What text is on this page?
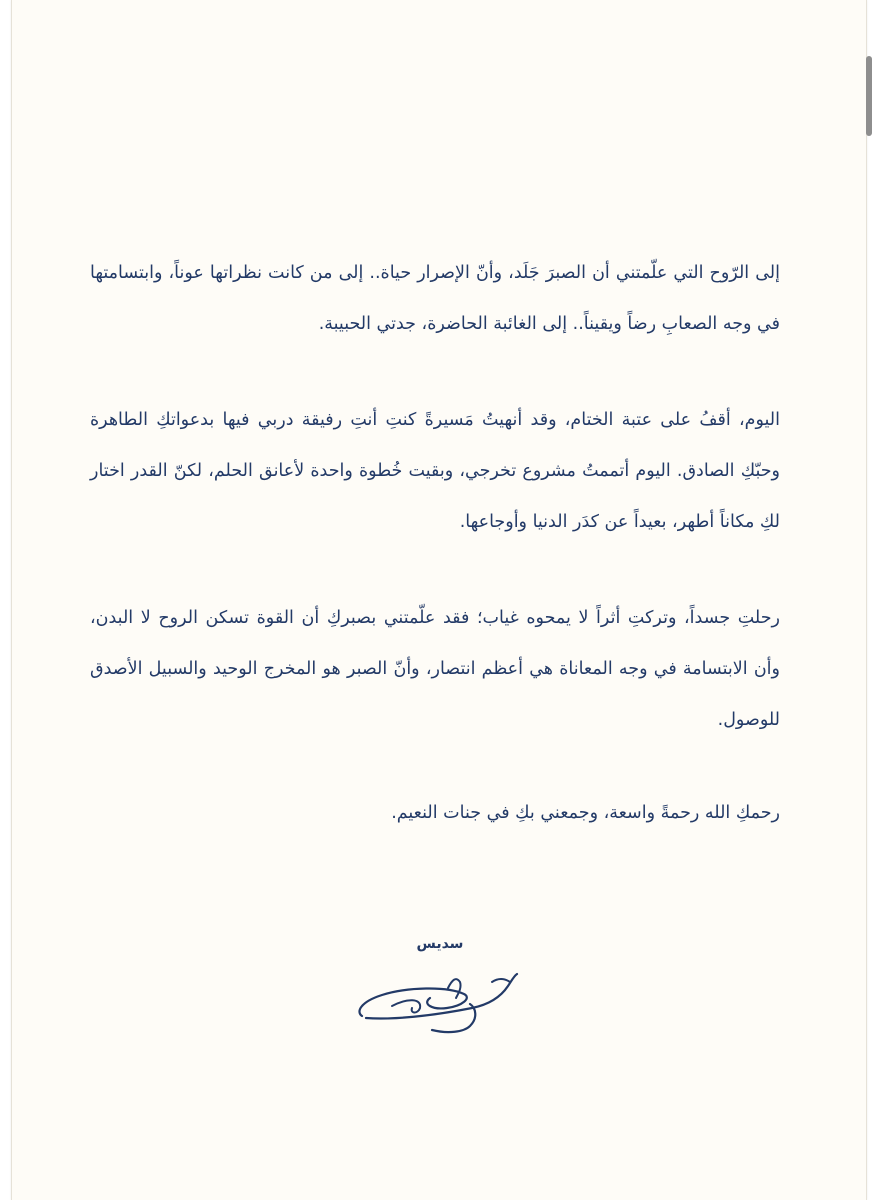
إلى الرّوح التي علّمتني أن الصبرَ جَلَد، وأنّ الإصرار حياة.. إلى من كانت نظراتها عوناً، وابتسامتها في وجه الصعابِ رضاً ويقيناً.. إلى الغائبة الحاضرة، جدتي الحبيبة.

اليوم، أقفُ على عتبة الختام، وقد أنهيتُ مَسيرةً كنتِ أنتِ رفيقة دربي فيها بدعواتكِ الطاهرة وحبّكِ الصادق. اليوم أتممتُ مشروع تخرجي، وبقيت خُطوة واحدة لأعانق الحلم، لكنّ القدر اختار لكِ مكاناً أطهر، بعيداً عن كدَر الدنيا وأوجاعها.

رحلتِ جسداً، وتركتِ أثراً لا يمحوه غياب؛ فقد علّمتني بصبركِ أن القوة تسكن الروح لا البدن، وأن الابتسامة في وجه المعاناة هي أعظم انتصار، وأنّ الصبر هو المخرج الوحيد والسبيل الأصدق للوصول.

رحمكِ الله رحمةً واسعة، وجمعني بكِ في جنات النعيم.

سديس
